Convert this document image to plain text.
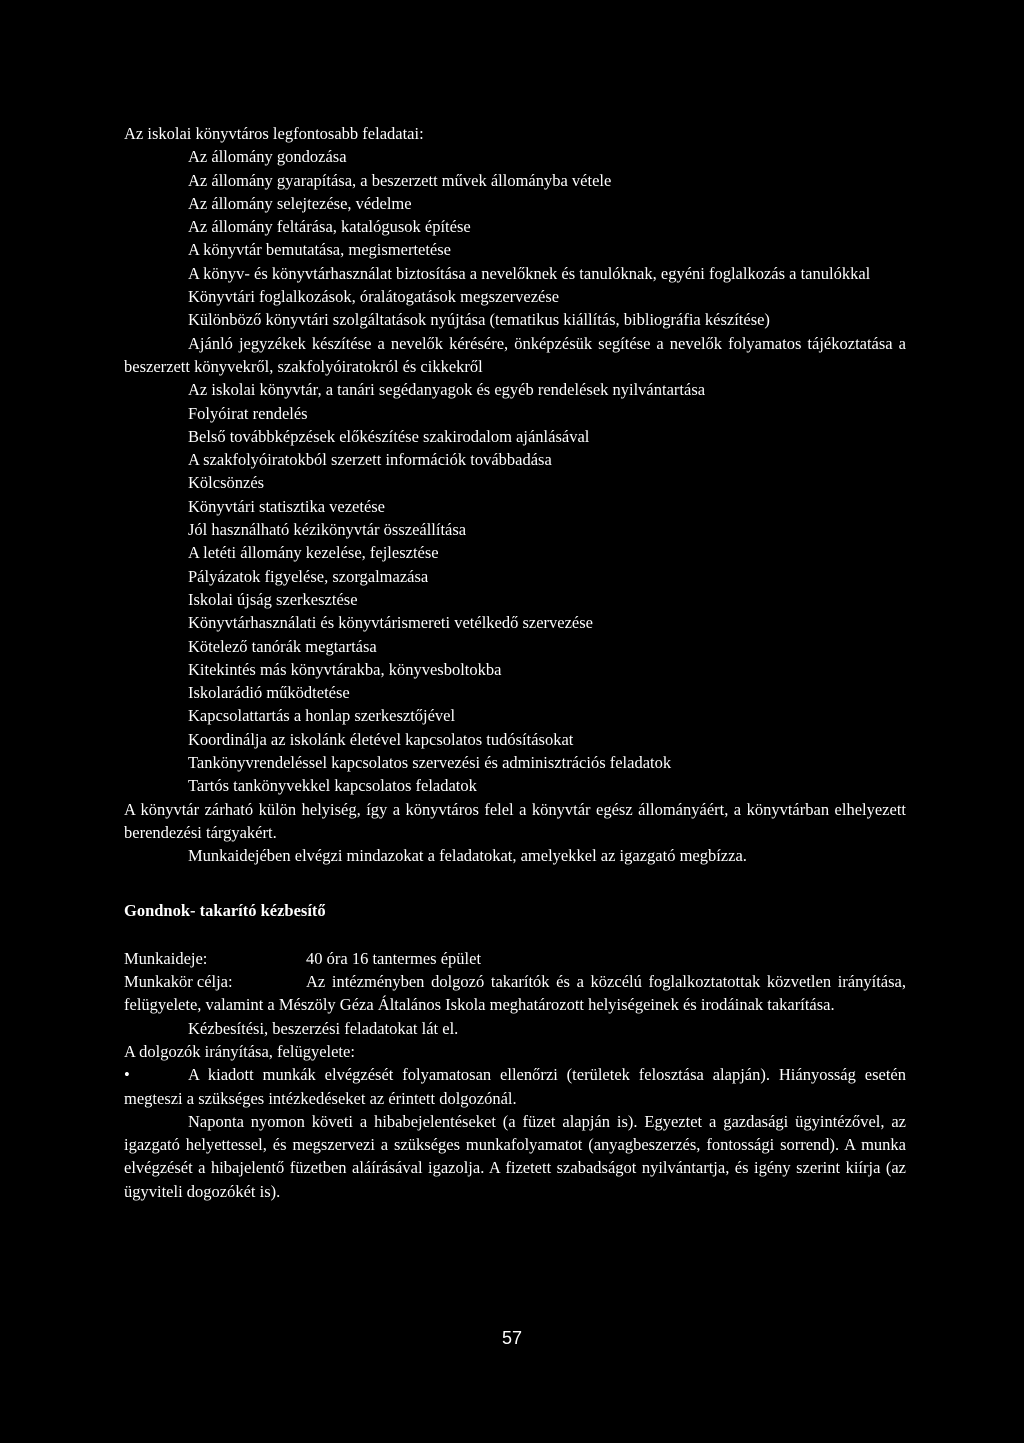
Az iskolai könyvtáros legfontosabb feladatai:

Az állomány gondozása

Az állomány gyarapítása, a beszerzett művek állományba vétele

Az állomány selejtezése, védelme

Az állomány feltárása, katalógusok építése

A könyvtár bemutatása, megismertetése

A könyv- és könyvtárhasználat biztosítása a nevelőknek és tanulóknak, egyéni foglalkozás a tanulókkal

Könyvtári foglalkozások, óralátogatások megszervezése

Különböző könyvtári szolgáltatások nyújtása (tematikus kiállítás, bibliográfia készítése)

Ajánló jegyzékek készítése a nevelők kérésére, önképzésük segítése a nevelők folyamatos tájékoztatása a beszerzett könyvekről, szakfolyóiratokról és cikkekről

Az iskolai könyvtár, a tanári segédanyagok és egyéb rendelések nyilvántartása

Folyóirat rendelés

Belső továbbképzések előkészítése szakirodalom ajánlásával

A szakfolyóiratokból szerzett információk továbbadása

Kölcsönzés

Könyvtári statisztika vezetése

Jól használható kézikönyvtár összeállítása

A letéti állomány kezelése, fejlesztése

Pályázatok figyelése, szorgalmazása

Iskolai újság szerkesztése

Könyvtárhasználati és könyvtárismereti vetélkedő szervezése

Kötelező tanórák megtartása

Kitekintés más könyvtárakba, könyvesboltokba

Iskolarádió működtetése

Kapcsolattartás a honlap szerkesztőjével

Koordinálja az iskolánk életével kapcsolatos tudósításokat

Tankönyvrendeléssel kapcsolatos szervezési és adminisztrációs feladatok

Tartós tankönyvekkel kapcsolatos feladatok

A könyvtár zárható külön helyiség, így a könyvtáros felel a könyvtár egész állományáért, a könyvtárban elhelyezett berendezési tárgyakért.

Munkaidejében elvégzi mindazokat a feladatokat, amelyekkel az igazgató megbízza.

Gondnok- takarító kézbesítő

Munkaideje:	40 óra 16 tantermes épület

Munkakör célja:	Az intézményben dolgozó takarítók és a közcélú foglalkoztatottak közvetlen irányítása, felügyelete, valamint a Mészöly Géza Általános Iskola meghatározott helyiségeinek és irodáinak takarítása.

Kézbesítési, beszerzési feladatokat lát el.

A dolgozók irányítása, felügyelete:

•	A kiadott munkák elvégzését folyamatosan ellenőrzi (területek felosztása alapján). Hiányosság esetén megteszi a szükséges intézkedéseket az érintett dolgozónál.

Naponta nyomon követi a hibabejelentéseket (a füzet alapján is). Egyeztet a gazdasági ügyintézővel, az igazgató helyettessel, és megszervezi a szükséges munkafolyamatot (anyagbeszerzés, fontossági sorrend). A munka elvégzését a hibajelentő füzetben aláírásával igazolja. A fizetett szabadságot nyilvántartja, és igény szerint kiírja (az ügyviteli dogozókét is).

57
